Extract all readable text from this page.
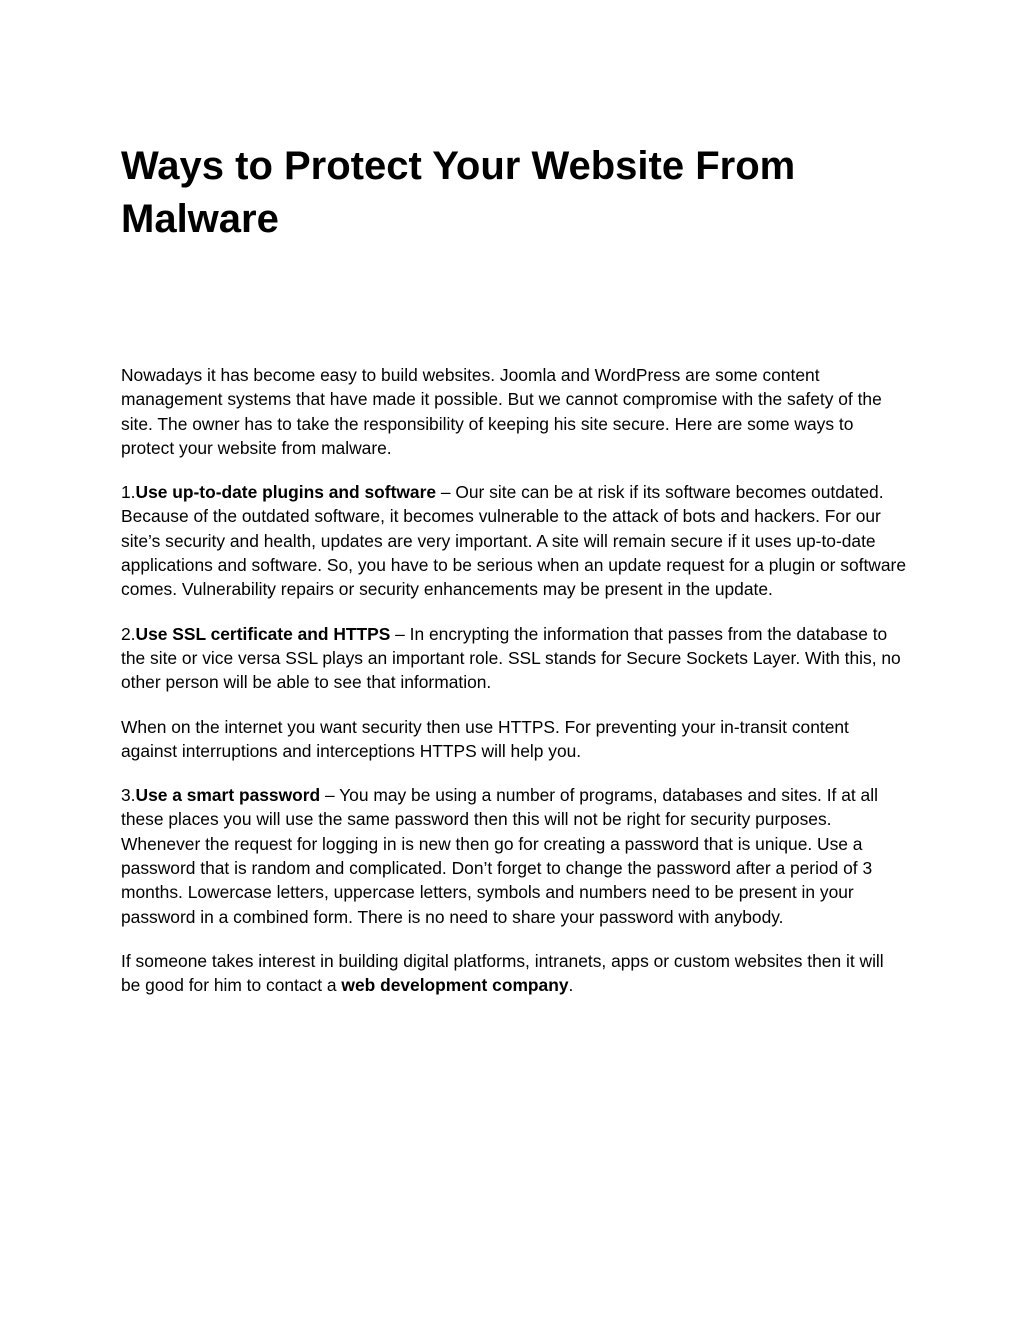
Ways to Protect Your Website From Malware

Nowadays it has become easy to build websites. Joomla and WordPress are some content management systems that have made it possible. But we cannot compromise with the safety of the site. The owner has to take the responsibility of keeping his site secure. Here are some ways to protect your website from malware.

1.Use up-to-date plugins and software – Our site can be at risk if its software becomes outdated. Because of the outdated software, it becomes vulnerable to the attack of bots and hackers. For our site’s security and health, updates are very important. A site will remain secure if it uses up-to-date applications and software. So, you have to be serious when an update request for a plugin or software comes. Vulnerability repairs or security enhancements may be present in the update.

2.Use SSL certificate and HTTPS – In encrypting the information that passes from the database to the site or vice versa SSL plays an important role. SSL stands for Secure Sockets Layer. With this, no other person will be able to see that information.

When on the internet you want security then use HTTPS. For preventing your in-transit content against interruptions and interceptions HTTPS will help you.

3.Use a smart password – You may be using a number of programs, databases and sites. If at all these places you will use the same password then this will not be right for security purposes. Whenever the request for logging in is new then go for creating a password that is unique. Use a password that is random and complicated. Don’t forget to change the password after a period of 3 months. Lowercase letters, uppercase letters, symbols and numbers need to be present in your password in a combined form. There is no need to share your password with anybody.

If someone takes interest in building digital platforms, intranets, apps or custom websites then it will be good for him to contact a web development company.
